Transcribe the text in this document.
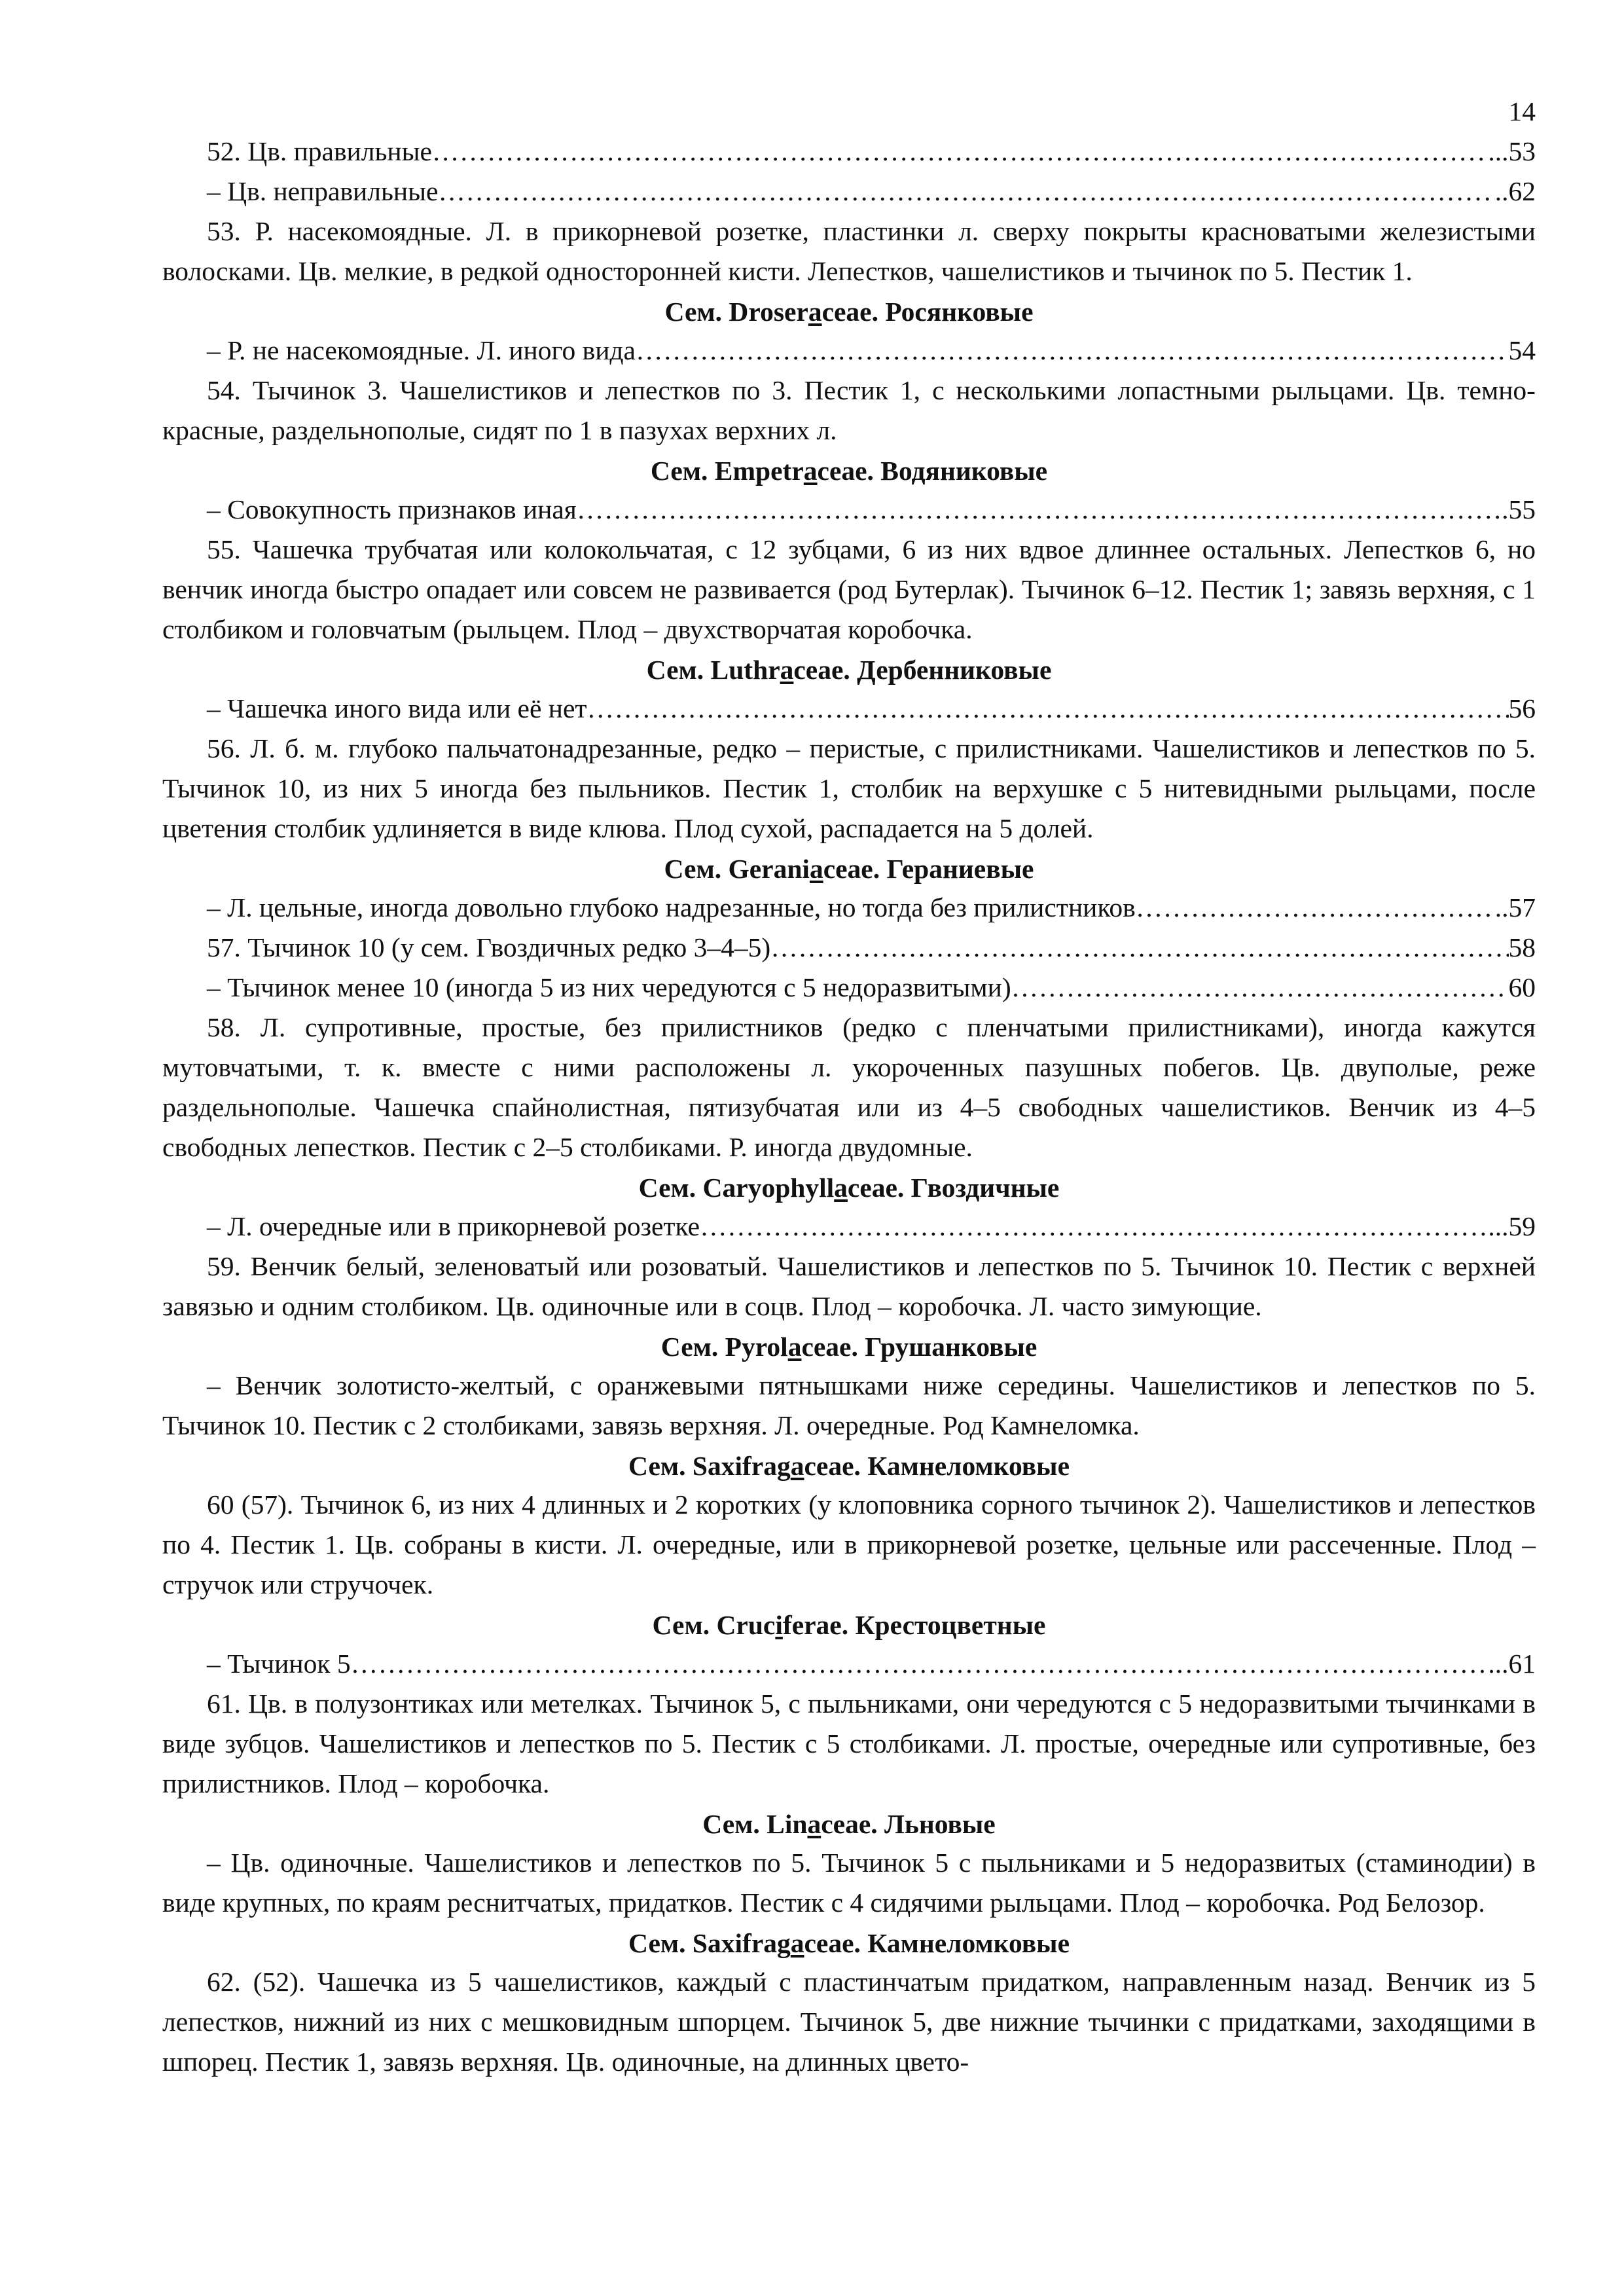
14
52. Цв. правильные ……………………………………………………………………………………………………………………………………………………………………………………………………………………	...53
– Цв. неправильные ……………………………………………………………………………………………………………………………………………………………………………………………………………………	..62

53. Р. насекомоядные. Л. в прикорневой розетке, пластинки л. сверху покрыты красноватыми железистыми волосками. Цв. мелкие, в редкой односторонней кисти. Лепестков, чашелистиков и тычинок по 5. Пестик 1.

Сем. Droseraceae. Росянковые
– Р. не насекомоядные. Л. иного вида ……………………………………………………………………………………………………………………………………………………………………………………………………………………	54

54. Тычинок 3. Чашелистиков и лепестков по 3. Пестик 1, с несколькими лопастными рыльцами. Цв. темно-красные, раздельнополые, сидят по 1 в пазухах верхних л.

Сем. Empetraceae. Водяниковые
– Совокупность признаков иная ……………………………………………………………………………………………………………………………………………………………………………………………………………………	.55

55. Чашечка трубчатая или колокольчатая, с 12 зубцами, 6 из них вдвое длиннее остальных. Лепестков 6, но венчик иногда быстро опадает или совсем не развивается (род Бутерлак). Тычинок 6–12. Пестик 1; завязь верхняя, с 1 столбиком и головчатым (рыльцем. Плод – двухстворчатая коробочка.

Сем. Luthraceae. Дербенниковые
– Чашечка иного вида или её нет ……………………………………………………………………………………………………………………………………………………………………………………………………………………	56

56. Л. б. м. глубоко пальчатонадрезанные, редко – перистые, с прилистниками. Чашелистиков и лепестков по 5. Тычинок 10, из них 5 иногда без пыльников. Пестик 1, столбик на верхушке с 5 нитевидными рыльцами, после цветения столбик удлиняется в виде клюва. Плод сухой, распадается на 5 долей.

Сем. Geraniaceae. Гераниевые
– Л. цельные, иногда довольно глубоко надрезанные, но тогда без прилистников ……………………………………………………………………………………………………………………………………………………………………………………………………………………	..57
57. Тычинок 10 (у сем. Гвоздичных редко 3–4–5) ……………………………………………………………………………………………………………………………………………………………………………………………………………………	58
– Тычинок менее 10 (иногда 5 из них чередуются с 5 недоразвитыми) ……………………………………………………………………………………………………………………………………………………………………………………………………………………	60

58. Л. супротивные, простые, без прилистников (редко с пленчатыми прилистниками), иногда кажутся мутовчатыми, т. к. вместе с ними расположены л. укороченных пазушных побегов. Цв. двуполые, реже раздельнополые. Чашечка спайнолистная, пятизубчатая или из 4–5 свободных чашелистиков. Венчик из 4–5 свободных лепестков. Пестик с 2–5 столбиками. Р. иногда двудомные.

Сем. Caryophyllaceae. Гвоздичные
– Л. очередные или в прикорневой розетке ……………………………………………………………………………………………………………………………………………………………………………………………………………………	...59

59. Венчик белый, зеленоватый или розоватый. Чашелистиков и лепестков по 5. Тычинок 10. Пестик с верхней завязью и одним столбиком. Цв. одиночные или в соцв. Плод – коробочка. Л. часто зимующие.

Сем. Pyrolaceae. Грушанковые

– Венчик золотисто-желтый, с оранжевыми пятнышками ниже середины. Чашелистиков и лепестков по 5. Тычинок 10. Пестик с 2 столбиками, завязь верхняя. Л. очередные. Род Камнеломка.

Сем. Saxifragaceae. Камнеломковые

60 (57). Тычинок 6, из них 4 длинных и 2 коротких (у клоповника сорного тычинок 2). Чашелистиков и лепестков по 4. Пестик 1. Цв. собраны в кисти. Л. очередные, или в прикорневой розетке, цельные или рассеченные. Плод – стручок или стручочек.

Сем. Cruciferae. Крестоцветные
– Тычинок 5 ……………………………………………………………………………………………………………………………………………………………………………………………………………………	...61

61. Цв. в полузонтиках или метелках. Тычинок 5, с пыльниками, они чередуются с 5 недоразвитыми тычинками в виде зубцов. Чашелистиков и лепестков по 5. Пестик с 5 столбиками. Л. простые, очередные или супротивные, без прилистников. Плод – коробочка.

Сем. Linaceae. Льновые

– Цв. одиночные. Чашелистиков и лепестков по 5. Тычинок 5 с пыльниками и 5 недоразвитых (стаминодии) в виде крупных, по краям реснитчатых, придатков. Пестик с 4 сидячими рыльцами. Плод – коробочка. Род Белозор.

Сем. Saxifragaceae. Камнеломковые

62. (52). Чашечка из 5 чашелистиков, каждый с пластинчатым придатком, направленным назад. Венчик из 5 лепестков, нижний из них с мешковидным шпорцем. Тычинок 5, две нижние тычинки с придатками, заходящими в шпорец. Пестик 1, завязь верхняя. Цв. одиночные, на длинных цвето-
